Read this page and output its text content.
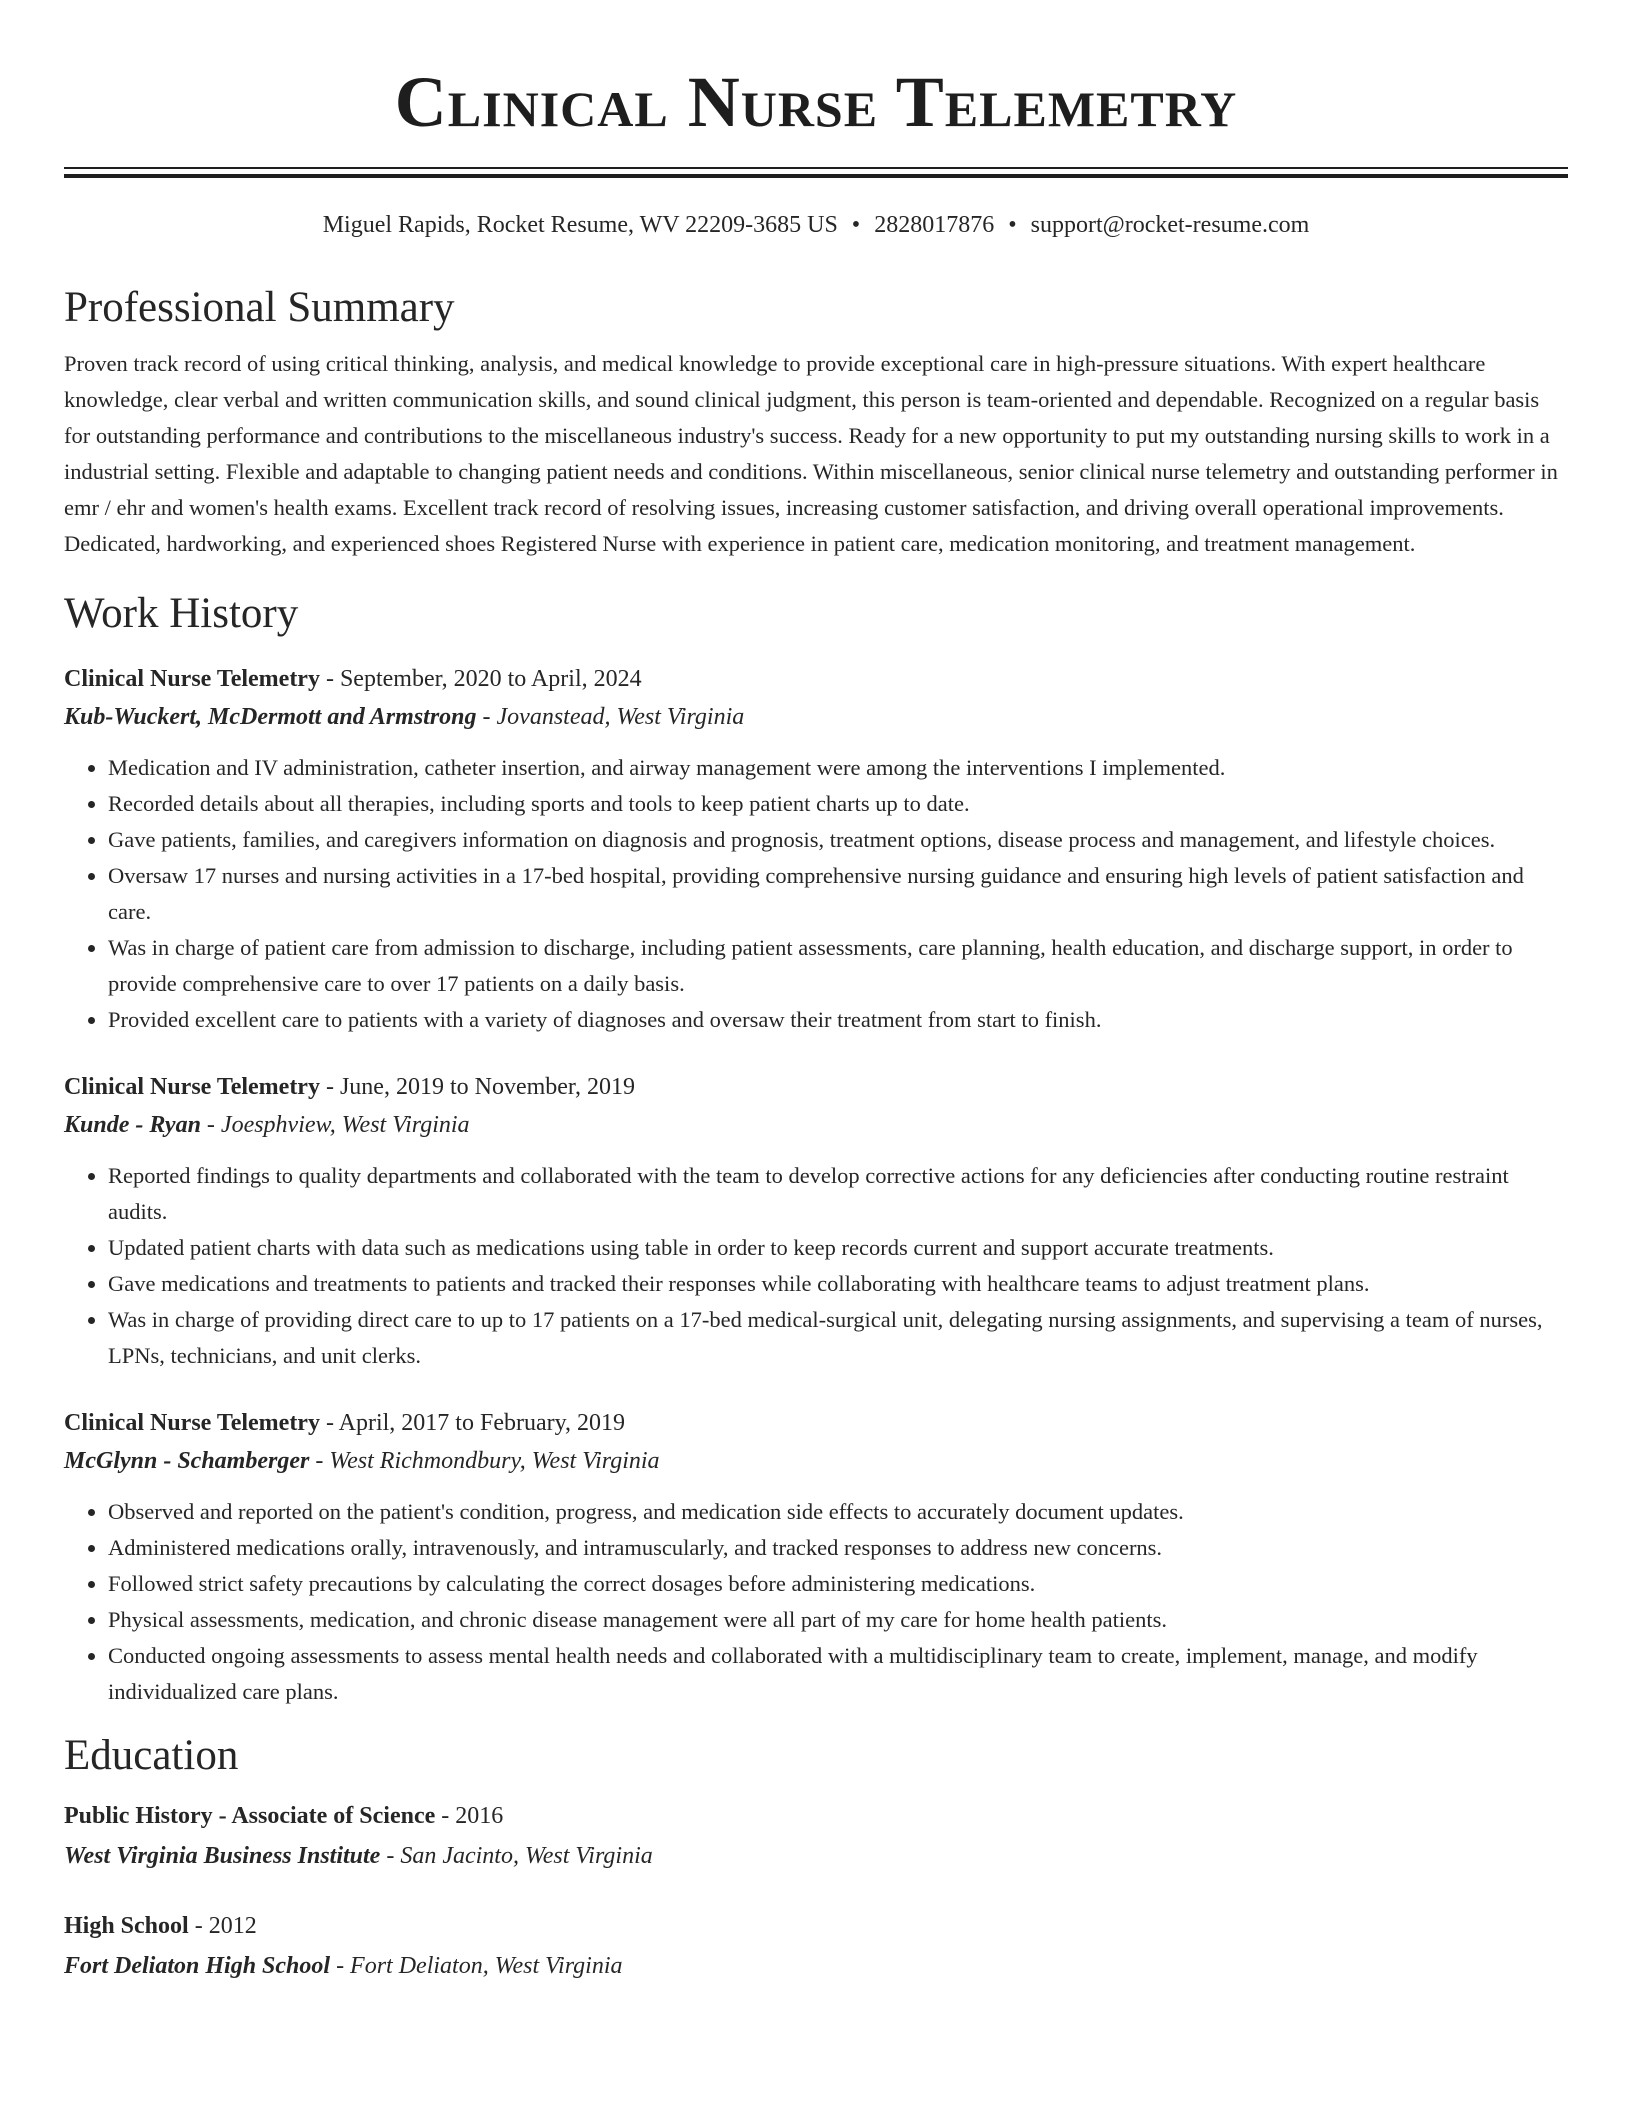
Clinical Nurse Telemetry
Miguel Rapids, Rocket Resume, WV 22209-3685 US • 2828017876 • support@rocket-resume.com
Professional Summary

Proven track record of using critical thinking, analysis, and medical knowledge to provide exceptional care in high-pressure situations. With expert healthcare knowledge, clear verbal and written communication skills, and sound clinical judgment, this person is team-oriented and dependable. Recognized on a regular basis for outstanding performance and contributions to the miscellaneous industry's success. Ready for a new opportunity to put my outstanding nursing skills to work in a industrial setting. Flexible and adaptable to changing patient needs and conditions. Within miscellaneous, senior clinical nurse telemetry and outstanding performer in emr / ehr and women's health exams. Excellent track record of resolving issues, increasing customer satisfaction, and driving overall operational improvements. Dedicated, hardworking, and experienced shoes Registered Nurse with experience in patient care, medication monitoring, and treatment management.

Work History
Clinical Nurse Telemetry - September, 2020 to April, 2024
Kub-Wuckert, McDermott and Armstrong - Jovanstead, West Virginia
• Medication and IV administration, catheter insertion, and airway management were among the interventions I implemented.
• Recorded details about all therapies, including sports and tools to keep patient charts up to date.
• Gave patients, families, and caregivers information on diagnosis and prognosis, treatment options, disease process and management, and lifestyle choices.
• Oversaw 17 nurses and nursing activities in a 17-bed hospital, providing comprehensive nursing guidance and ensuring high levels of patient satisfaction and care.
• Was in charge of patient care from admission to discharge, including patient assessments, care planning, health education, and discharge support, in order to provide comprehensive care to over 17 patients on a daily basis.
• Provided excellent care to patients with a variety of diagnoses and oversaw their treatment from start to finish.
Clinical Nurse Telemetry - June, 2019 to November, 2019
Kunde - Ryan - Joesphview, West Virginia
• Reported findings to quality departments and collaborated with the team to develop corrective actions for any deficiencies after conducting routine restraint audits.
• Updated patient charts with data such as medications using table in order to keep records current and support accurate treatments.
• Gave medications and treatments to patients and tracked their responses while collaborating with healthcare teams to adjust treatment plans.
• Was in charge of providing direct care to up to 17 patients on a 17-bed medical-surgical unit, delegating nursing assignments, and supervising a team of nurses, LPNs, technicians, and unit clerks.
Clinical Nurse Telemetry - April, 2017 to February, 2019
McGlynn - Schamberger - West Richmondbury, West Virginia
• Observed and reported on the patient's condition, progress, and medication side effects to accurately document updates.
• Administered medications orally, intravenously, and intramuscularly, and tracked responses to address new concerns.
• Followed strict safety precautions by calculating the correct dosages before administering medications.
• Physical assessments, medication, and chronic disease management were all part of my care for home health patients.
• Conducted ongoing assessments to assess mental health needs and collaborated with a multidisciplinary team to create, implement, manage, and modify individualized care plans.
Education
Public History - Associate of Science - 2016
West Virginia Business Institute - San Jacinto, West Virginia
High School - 2012
Fort Deliaton High School - Fort Deliaton, West Virginia
